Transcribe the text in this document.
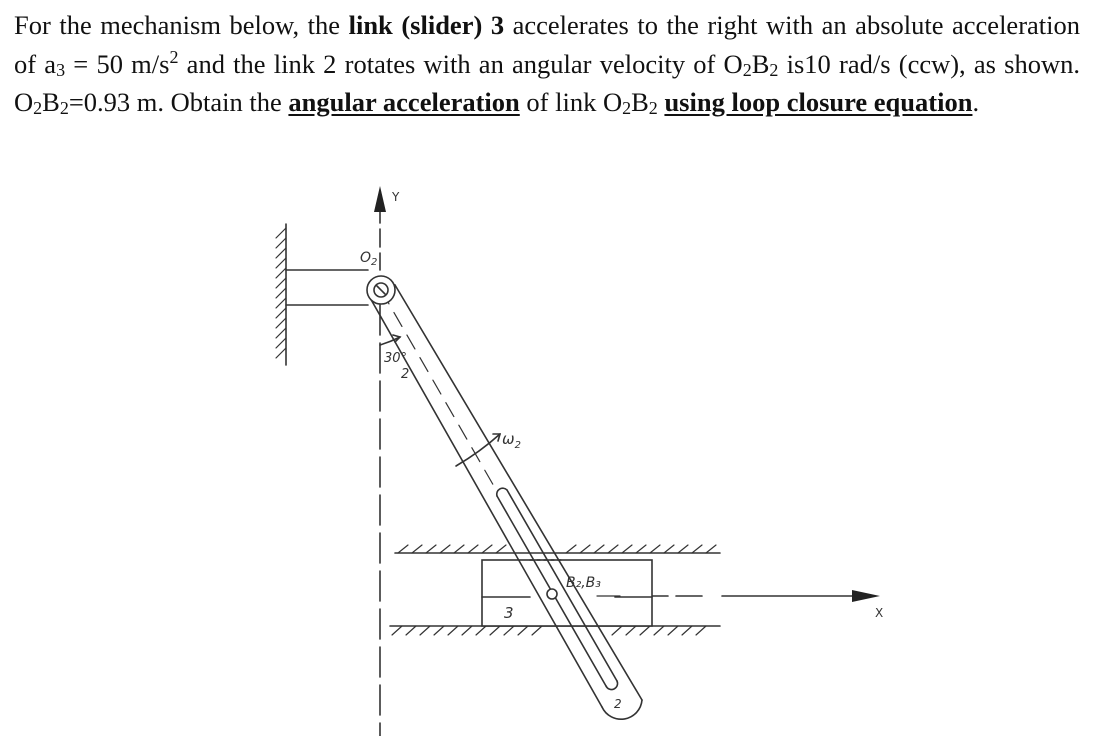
For the mechanism below, the link (slider) 3 accelerates to the right with an absolute acceleration of $a_3 = 50$ $m/s^2$ and the link 2 rotates with an angular velocity of $O_2B_2$ is10 rad/s (ccw), as shown. $O_2B_2=0.93$ m. Obtain the angular acceleration of link $O_2B_2$ using loop closure equation.

Y
X
$O_2$
30°
2
$\omega_2$
3
B₂,B₃
2
